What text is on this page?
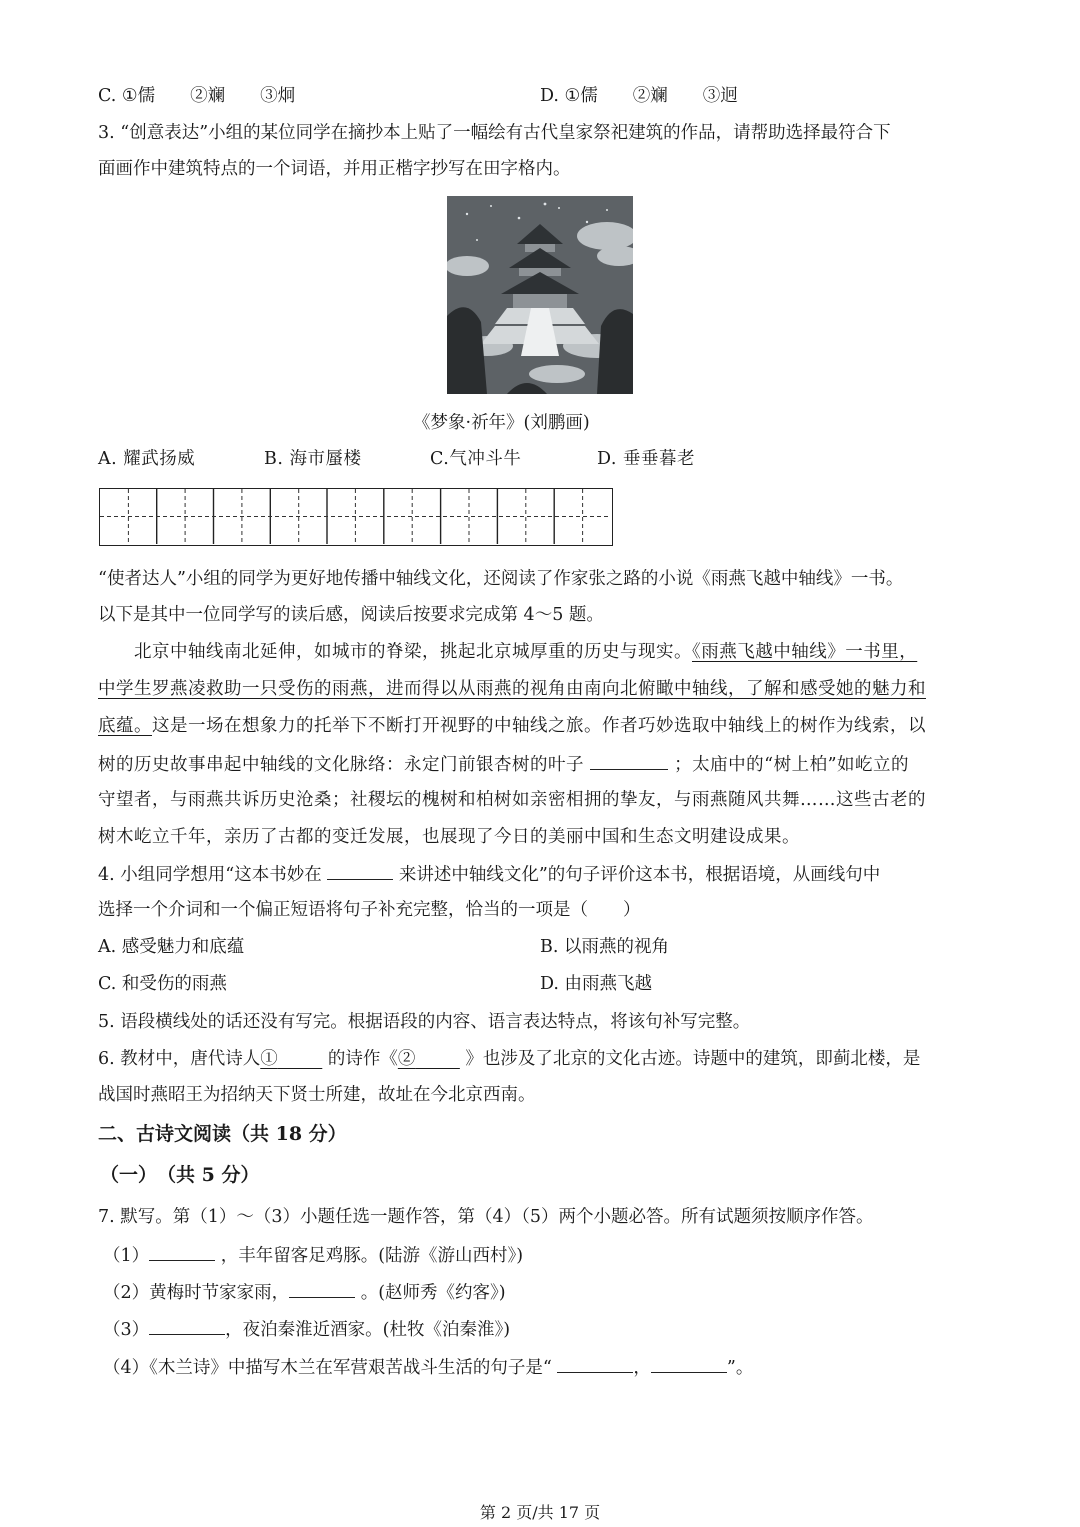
C. ①儒　　②斓　　③炯	D. ①儒　　②斓　　③迥
3. “创意表达”小组的某位同学在摘抄本上贴了一幅绘有古代皇家祭祀建筑的作品，请帮助选择最符合下
面画作中建筑特点的一个词语，并用正楷字抄写在田字格内。
《梦象·祈年》(刘鹏画)
A. 耀武扬威	B. 海市蜃楼	C.气冲斗牛	D. 垂垂暮老
“使者达人”小组的同学为更好地传播中轴线文化，还阅读了作家张之路的小说《雨燕飞越中轴线》一书。
以下是其中一位同学写的读后感，阅读后按要求完成第 4～5 题。
北京中轴线南北延伸，如城市的脊梁，挑起北京城厚重的历史与现实。《雨燕飞越中轴线》一书里，
中学生罗燕凌救助一只受伤的雨燕，进而得以从雨燕的视角由南向北俯瞰中轴线，了解和感受她的魅力和
底蕴。这是一场在想象力的托举下不断打开视野的中轴线之旅。作者巧妙选取中轴线上的树作为线索，以
树的历史故事串起中轴线的文化脉络：永定门前银杏树的叶子	；太庙中的“树上柏”如屹立的
守望者，与雨燕共诉历史沧桑；社稷坛的槐树和柏树如亲密相拥的挚友，与雨燕随风共舞……这些古老的
树木屹立千年，亲历了古都的变迁发展，也展现了今日的美丽中国和生态文明建设成果。
4. 小组同学想用“这本书妙在	来讲述中轴线文化”的句子评价这本书，根据语境，从画线句中
选择一个介词和一个偏正短语将句子补充完整，恰当的一项是（　　）
A. 感受魅力和底蕴	B. 以雨燕的视角
C. 和受伤的雨燕	D. 由雨燕飞越
5. 语段横线处的话还没有写完。根据语段的内容、语言表达特点，将该句补写完整。
6. 教材中，唐代诗人①	的诗作《②	》也涉及了北京的文化古迹。诗题中的建筑，即蓟北楼，是
战国时燕昭王为招纳天下贤士所建，故址在今北京西南。
二、古诗文阅读（共 18 分）
（一）　（共 5 分）
7. 默写。第（1）～（3）小题任选一题作答，第（4）（5）两个小题必答。所有试题须按顺序作答。
（1）	，丰年留客足鸡豚。(陆游《游山西村》)
（2）黄梅时节家家雨，	。(赵师秀《约客》)
（3）	，夜泊秦淮近酒家。(杜牧《泊秦淮》)
（4）《木兰诗》中描写木兰在军营艰苦战斗生活的句子是“	，	”。
第 2 页/共 17 页
